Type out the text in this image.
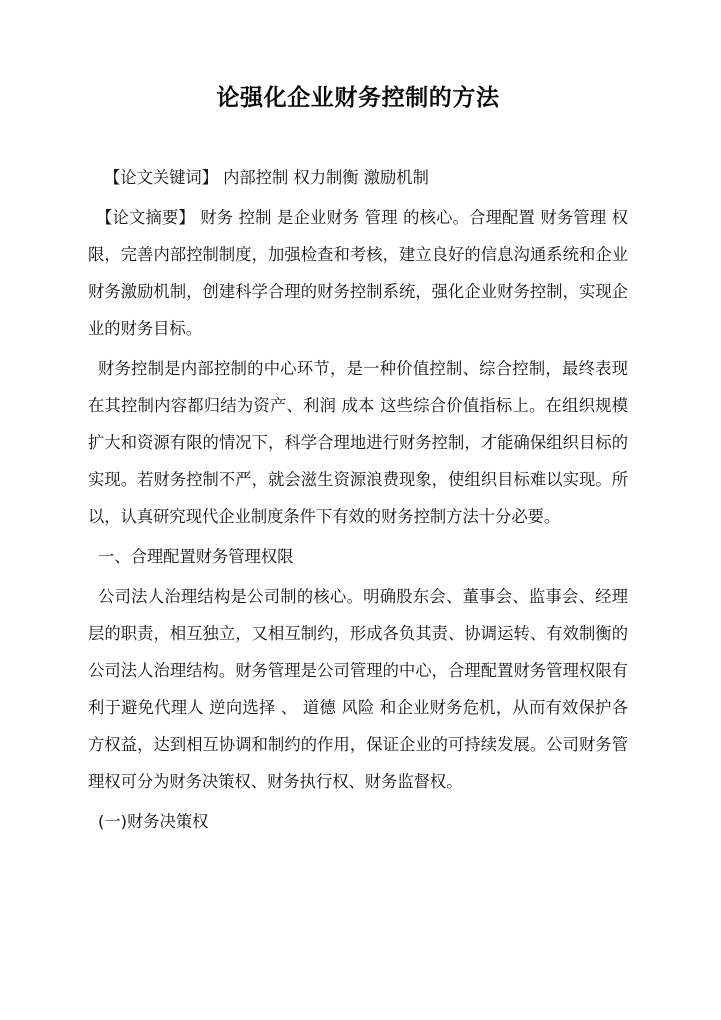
论强化企业财务控制的方法

【论文关键词】 内部控制 权力制衡 激励机制

【论文摘要】 财务 控制 是企业财务 管理 的核心。合理配置 财务管理 权限，完善内部控制制度，加强检查和考核，建立良好的信息沟通系统和企业财务激励机制，创建科学合理的财务控制系统，强化企业财务控制，实现企业的财务目标。

财务控制是内部控制的中心环节，是一种价值控制、综合控制，最终表现在其控制内容都归结为资产、利润 成本 这些综合价值指标上。在组织规模扩大和资源有限的情况下，科学合理地进行财务控制，才能确保组织目标的实现。若财务控制不严，就会滋生资源浪费现象，使组织目标难以实现。所以，认真研究现代企业制度条件下有效的财务控制方法十分必要。

一、合理配置财务管理权限

公司法人治理结构是公司制的核心。明确股东会、董事会、监事会、经理层的职责，相互独立，又相互制约，形成各负其责、协调运转、有效制衡的公司法人治理结构。财务管理是公司管理的中心，合理配置财务管理权限有利于避免代理人 逆向选择 、 道德 风险 和企业财务危机，从而有效保护各方权益，达到相互协调和制约的作用，保证企业的可持续发展。公司财务管理权可分为财务决策权、财务执行权、财务监督权。

(一)财务决策权
